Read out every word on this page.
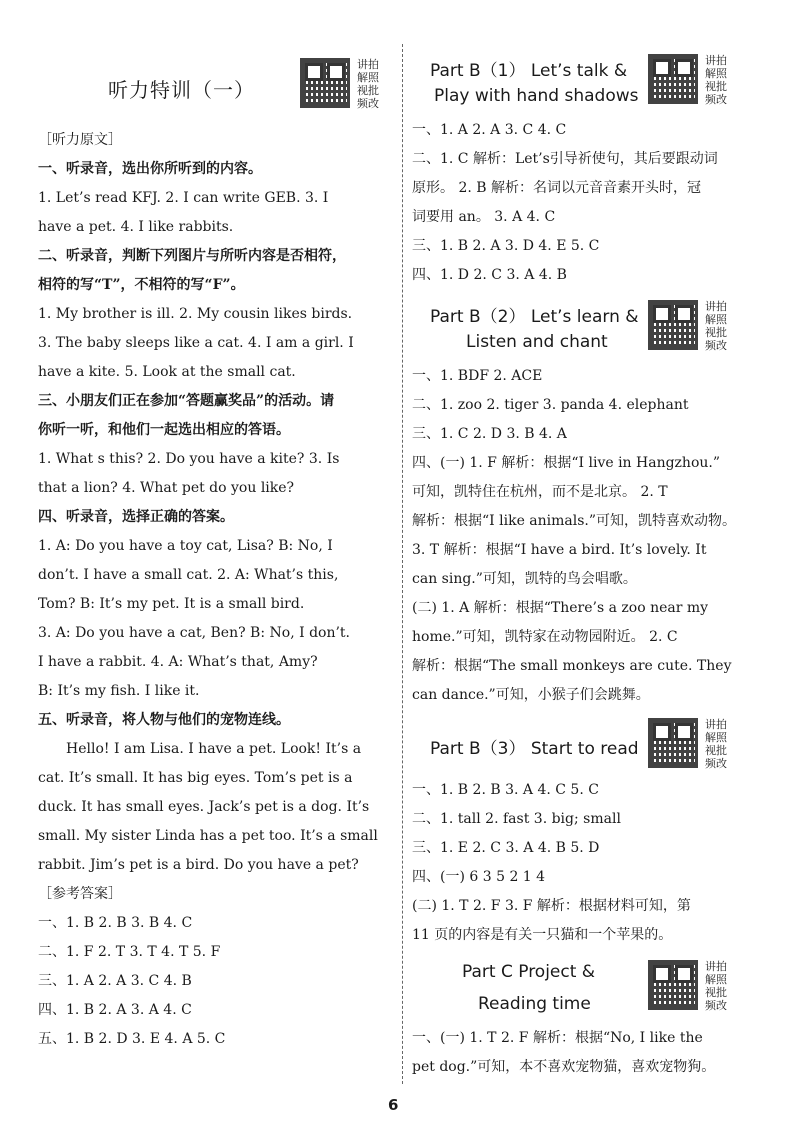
听力特训（一）
讲拍解照视批频改
［听力原文］
一、听录音，选出你所听到的内容。
1. Let’s read KFJ. 2. I can write GEB. 3. I
have a pet. 4. I like rabbits.
二、听录音，判断下列图片与所听内容是否相符，
相符的写“T”，不相符的写“F”。
1. My brother is ill. 2. My cousin likes birds.
3. The baby sleeps like a cat. 4. I am a girl. I
have a kite. 5. Look at the small cat.
三、小朋友们正在参加“答题赢奖品”的活动。请
你听一听，和他们一起选出相应的答语。
1. What s this? 2. Do you have a kite? 3. Is
that a lion? 4. What pet do you like?
四、听录音，选择正确的答案。
1. A: Do you have a toy cat, Lisa? B: No, I
don’t. I have a small cat. 2. A: What’s this,
Tom? B: It’s my pet. It is a small bird.
3. A: Do you have a cat, Ben? B: No, I don’t.
I have a rabbit. 4. A: What’s that, Amy?
B: It’s my fish. I like it.
五、听录音，将人物与他们的宠物连线。
Hello! I am Lisa. I have a pet. Look! It’s a
cat. It’s small. It has big eyes. Tom’s pet is a
duck. It has small eyes. Jack’s pet is a dog. It’s
small. My sister Linda has a pet too. It’s a small
rabbit. Jim’s pet is a bird. Do you have a pet?
［参考答案］
一、1. B 2. B 3. B 4. C
二、1. F 2. T 3. T 4. T 5. F
三、1. A 2. A 3. C 4. B
四、1. B 2. A 3. A 4. C
五、1. B 2. D 3. E 4. A 5. C
Part B（1） Let’s talk &
Play with hand shadows
讲拍解照视批频改
一、1. A 2. A 3. C 4. C
二、1. C 解析：Let’s引导祈使句，其后要跟动词
原形。 2. B 解析：名词以元音音素开头时，冠
词要用 an。 3. A 4. C
三、1. B 2. A 3. D 4. E 5. C
四、1. D 2. C 3. A 4. B
Part B（2） Let’s learn &
Listen and chant
讲拍解照视批频改
一、1. BDF 2. ACE
二、1. zoo 2. tiger 3. panda 4. elephant
三、1. C 2. D 3. B 4. A
四、(一) 1. F 解析：根据“I live in Hangzhou.”
可知，凯特住在杭州，而不是北京。 2. T
解析：根据“I like animals.”可知，凯特喜欢动物。
3. T 解析：根据“I have a bird. It’s lovely. It
can sing.”可知，凯特的鸟会唱歌。
(二) 1. A 解析：根据“There’s a zoo near my
home.”可知，凯特家在动物园附近。 2. C
解析：根据“The small monkeys are cute. They
can dance.”可知，小猴子们会跳舞。
Part B（3） Start to read
讲拍解照视批频改
一、1. B 2. B 3. A 4. C 5. C
二、1. tall 2. fast 3. big; small
三、1. E 2. C 3. A 4. B 5. D
四、(一) 6 3 5 2 1 4
(二) 1. T 2. F 3. F 解析：根据材料可知，第
11 页的内容是有关一只猫和一个苹果的。
Part C Project &
Reading time
讲拍解照视批频改
一、(一) 1. T 2. F 解析：根据“No, I like the
pet dog.”可知，本不喜欢宠物猫，喜欢宠物狗。
6
